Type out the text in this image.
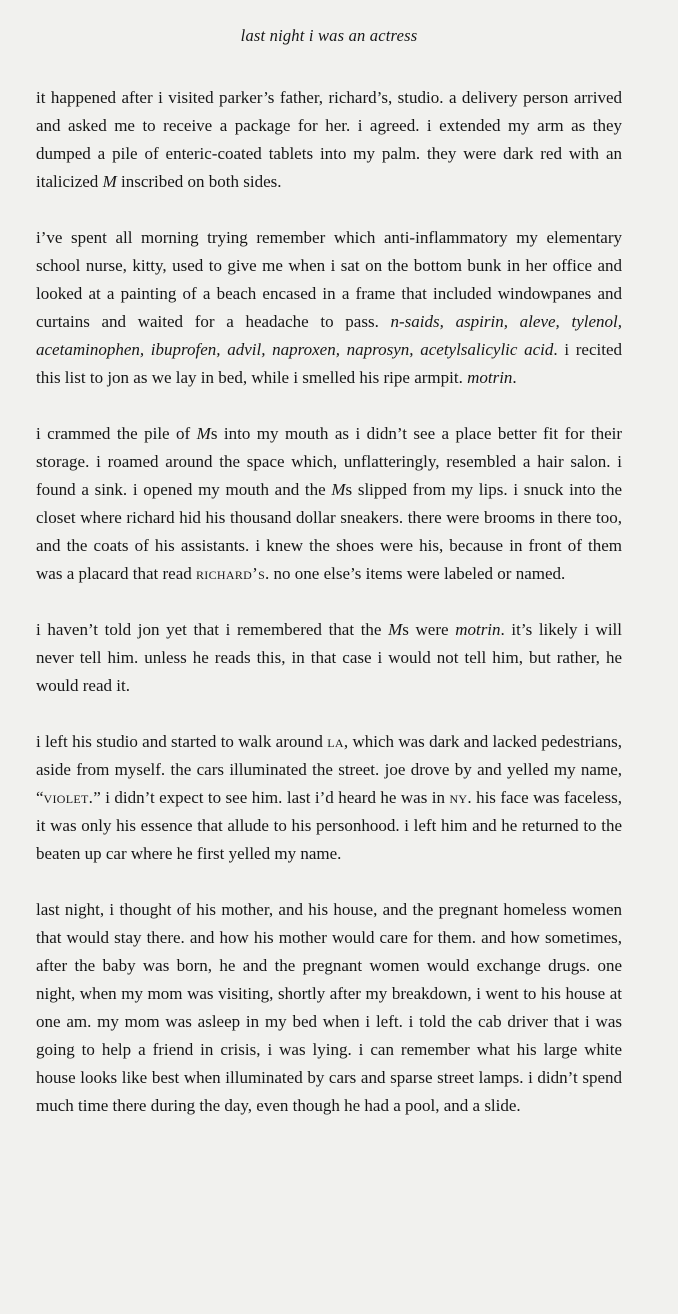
last night i was an actress

it happened after i visited parker’s father, richard’s, studio. a delivery person arrived and asked me to receive a package for her. i agreed. i extended my arm as they dumped a pile of enteric-coated tablets into my palm. they were dark red with an italicized M inscribed on both sides.

i’ve spent all morning trying remember which anti-inflammatory my elementary school nurse, kitty, used to give me when i sat on the bottom bunk in her office and looked at a painting of a beach encased in a frame that included windowpanes and curtains and waited for a headache to pass. n-saids, aspirin, aleve, tylenol, acetaminophen, ibuprofen, advil, naproxen, naprosyn, acetylsalicylic acid. i recited this list to jon as we lay in bed, while i smelled his ripe armpit. motrin.

i crammed the pile of Ms into my mouth as i didn’t see a place better fit for their storage. i roamed around the space which, unflatteringly, resembled a hair salon. i found a sink. i opened my mouth and the Ms slipped from my lips. i snuck into the closet where richard hid his thousand dollar sneakers. there were brooms in there too, and the coats of his assistants. i knew the shoes were his, because in front of them was a placard that read richard’s. no one else’s items were labeled or named.

i haven’t told jon yet that i remembered that the Ms were motrin. it’s likely i will never tell him. unless he reads this, in that case i would not tell him, but rather, he would read it.

i left his studio and started to walk around la, which was dark and lacked pedestrians, aside from myself. the cars illuminated the street. joe drove by and yelled my name, “violet.” i didn’t expect to see him. last i’d heard he was in ny. his face was faceless, it was only his essence that allude to his personhood. i left him and he returned to the beaten up car where he first yelled my name.

last night, i thought of his mother, and his house, and the pregnant homeless women that would stay there. and how his mother would care for them. and how sometimes, after the baby was born, he and the pregnant women would exchange drugs. one night, when my mom was visiting, shortly after my breakdown, i went to his house at one am. my mom was asleep in my bed when i left. i told the cab driver that i was going to help a friend in crisis, i was lying. i can remember what his large white house looks like best when illuminated by cars and sparse street lamps. i didn’t spend much time there during the day, even though he had a pool, and a slide.
